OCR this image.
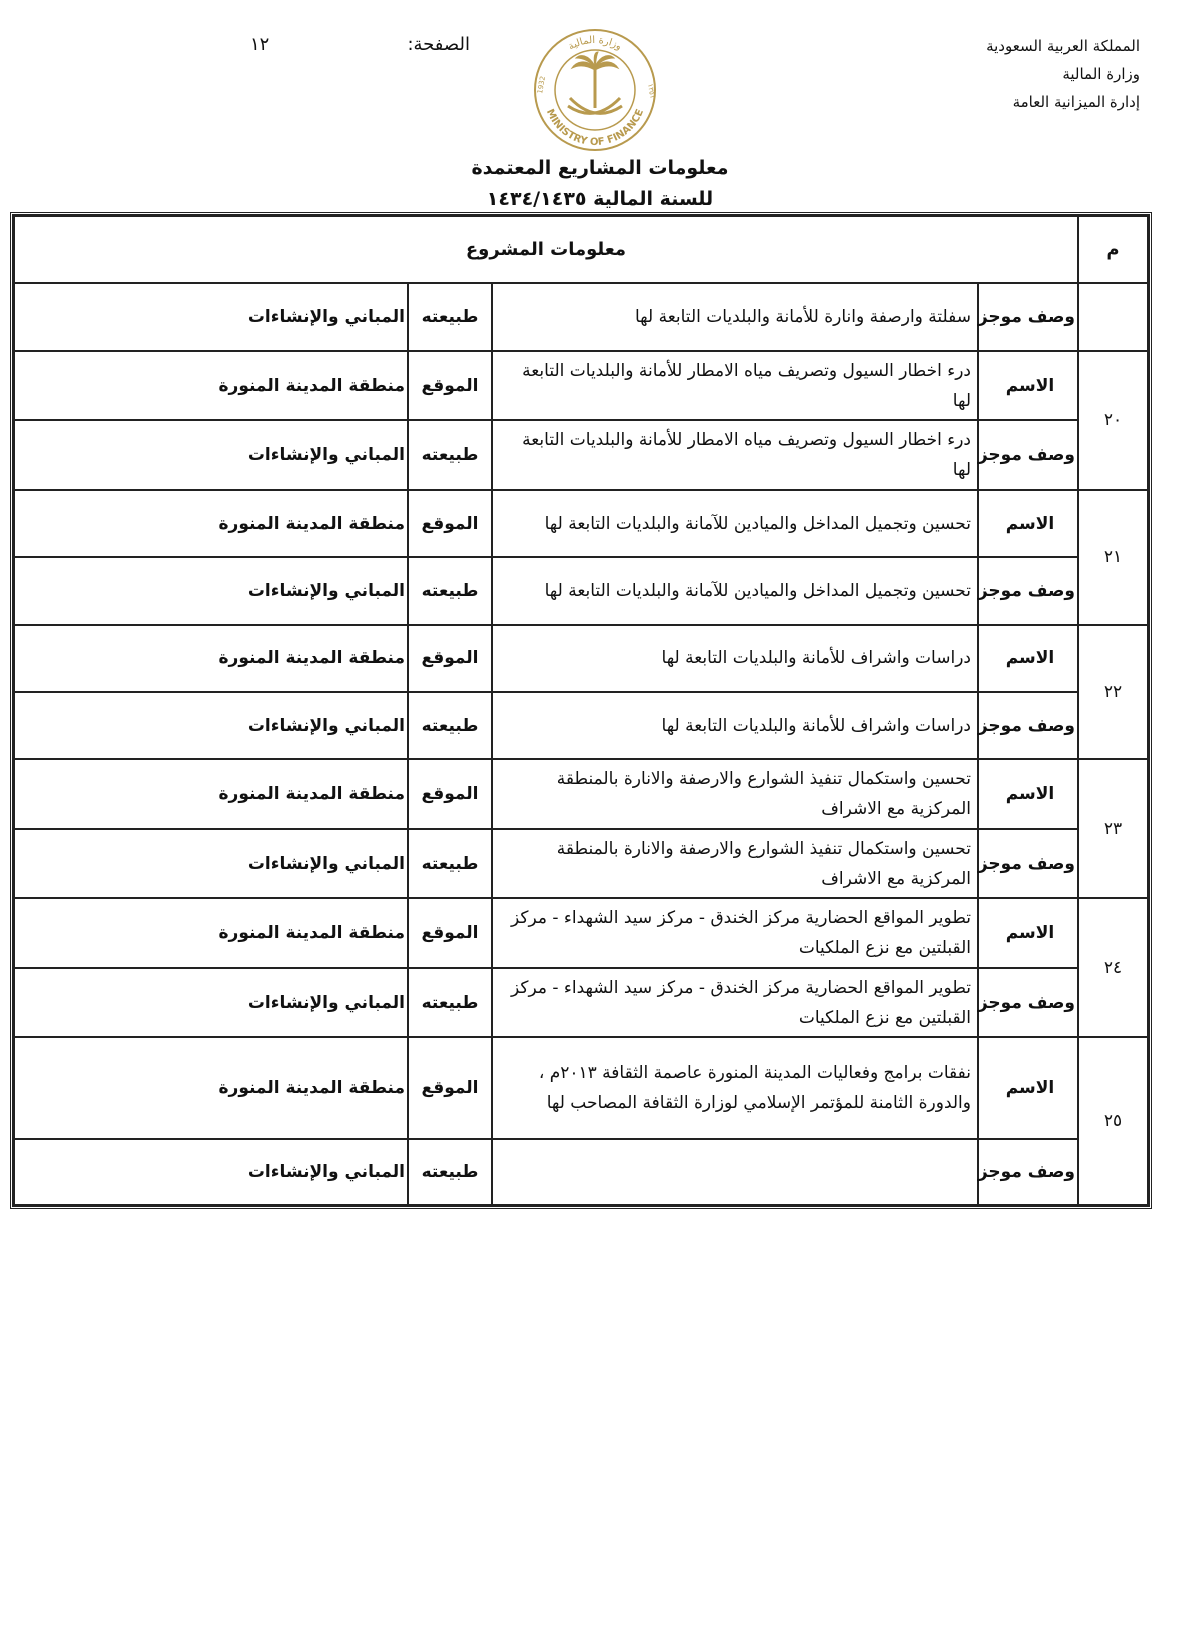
المملكة العربية السعودية
وزارة المالية
إدارة الميزانية العامة
الصفحة:
١٢	وزارة المالية
MINISTRY OF FINANCE
1932	١٣٥١
معلومات المشاريع المعتمدة
للسنة المالية ١٤٣٤/١٤٣٥
م	معلومات المشروع			
	وصف موجز	سفلتة وارصفة وانارة للأمانة والبلديات التابعة لها	طبيعته	المباني والإنشاءات
٢٠	الاسم	درء اخطار السيول وتصريف مياه الامطار للأمانة والبلديات التابعة لها	الموقع	منطقة المدينة المنورة
	وصف موجز	درء اخطار السيول وتصريف مياه الامطار للأمانة والبلديات التابعة لها	طبيعته	المباني والإنشاءات
٢١	الاسم	تحسين وتجميل المداخل والميادين للآمانة والبلديات التابعة لها	الموقع	منطقة المدينة المنورة
	وصف موجز	تحسين وتجميل المداخل والميادين للآمانة والبلديات التابعة لها	طبيعته	المباني والإنشاءات
٢٢	الاسم	دراسات واشراف للأمانة والبلديات التابعة لها	الموقع	منطقة المدينة المنورة
	وصف موجز	دراسات واشراف للأمانة والبلديات التابعة لها	طبيعته	المباني والإنشاءات
٢٣	الاسم	تحسين واستكمال تنفيذ الشوارع والارصفة والانارة بالمنطقة المركزية مع الاشراف	الموقع	منطقة المدينة المنورة
	وصف موجز	تحسين واستكمال تنفيذ الشوارع والارصفة والانارة بالمنطقة المركزية مع الاشراف	طبيعته	المباني والإنشاءات
٢٤	الاسم	تطوير المواقع الحضارية مركز الخندق - مركز سيد الشهداء - مركز القبلتين مع نزع الملكيات	الموقع	منطقة المدينة المنورة
	وصف موجز	تطوير المواقع الحضارية مركز الخندق - مركز سيد الشهداء - مركز القبلتين مع نزع الملكيات	طبيعته	المباني والإنشاءات
٢٥	الاسم	نفقات برامج وفعاليات المدينة المنورة عاصمة الثقافة ٢٠١٣م ، والدورة الثامنة للمؤتمر الإسلامي لوزارة الثقافة المصاحب لها	الموقع	منطقة المدينة المنورة
	وصف موجز		طبيعته	المباني والإنشاءات
